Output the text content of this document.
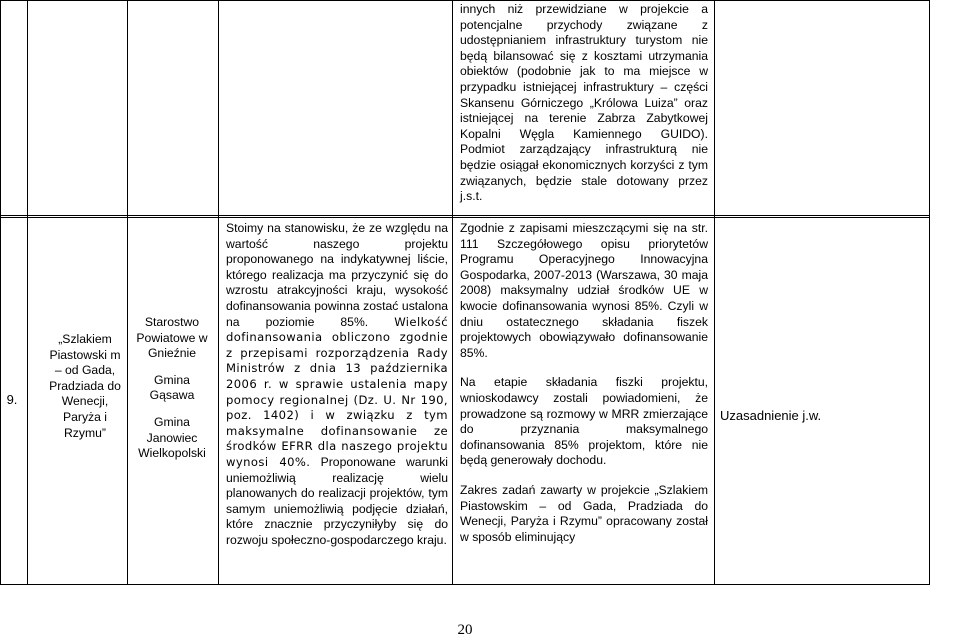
innych niż przewidziane w projekcie a potencjalne przychody związane z udostępnianiem infrastruktury turystom nie będą bilansować się z kosztami utrzymania obiektów (podobnie jak to ma miejsce w przypadku istniejącej infrastruktury – części Skansenu Górniczego „Królowa Luiza” oraz istniejącej na terenie Zabrza Zabytkowej Kopalni Węgla Kamiennego GUIDO). Podmiot zarządzający infrastrukturą nie będzie osiągał ekonomicznych korzyści z tym związanych, będzie stale dotowany przez j.s.t.
9.
„Szlakiem Piastowski m – od Gada, Pradziada do Wenecji, Paryża i Rzymu”

Starostwo Powiatowe w Gnieźnie

Gmina Gąsawa

Gmina Janowiec Wielkopolski

Stoimy na stanowisku, że ze względu na wartość naszego projektu proponowanego na indykatywnej liście, którego realizacja ma przyczynić się do wzrostu atrakcyjności kraju, wysokość dofinansowania powinna zostać ustalona na poziomie 85%. Wielkość dofinansowania obliczono zgodnie z przepisami rozporządzenia Rady Ministrów z dnia 13 października 2006 r. w sprawie ustalenia mapy pomocy regionalnej (Dz. U. Nr 190, poz. 1402) i w związku z tym maksymalne dofinansowanie ze środków EFRR dla naszego projektu wynosi 40%. Proponowane warunki uniemożliwią realizację wielu planowanych do realizacji projektów, tym samym uniemożliwią podjęcie działań, które znacznie przyczyniłyby się do rozwoju społeczno-gospodarczego kraju.

Zgodnie z zapisami mieszczącymi się na str. 111 Szczegółowego opisu priorytetów Programu Operacyjnego Innowacyjna Gospodarka, 2007-2013 (Warszawa, 30 maja 2008) maksymalny udział środków UE w kwocie dofinansowania wynosi 85%. Czyli w dniu ostatecznego składania fiszek projektowych obowiązywało dofinansowanie 85%.

Na etapie składania fiszki projektu, wnioskodawcy zostali powiadomieni, że prowadzone są rozmowy w MRR zmierzające do przyznania maksymalnego dofinansowania 85% projektom, które nie będą generowały dochodu.

Zakres zadań zawarty w projekcie „Szlakiem Piastowskim – od Gada, Pradziada do Wenecji, Paryża i Rzymu” opracowany został w sposób eliminujący

Uzasadnienie j.w.
20
